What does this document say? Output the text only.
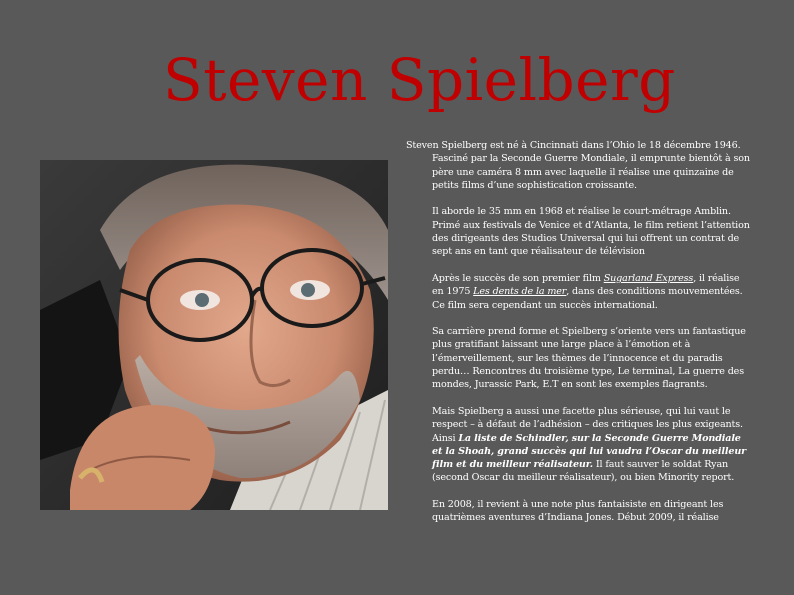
Steven Spielberg

Steven Spielberg est né à Cincinnati dans l’Ohio le 18 décembre 1946. Fasciné par la Seconde Guerre Mondiale, il emprunte bientôt à son père une caméra 8 mm avec laquelle il réalise une quinzaine de petits films d’une sophistication croissante.

Il aborde le 35 mm en 1968 et réalise le court-métrage Amblin. Primé aux festivals de Venice et d’Atlanta, le film retient l’attention des dirigeants des Studios Universal qui lui offrent un contrat de sept ans en tant que réalisateur de télévision

Après le succès de son premier film Sugarland Express, il réalise en 1975 Les dents de la mer, dans des conditions mouvementées. Ce film sera cependant un succès international.

Sa carrière prend forme et Spielberg s’oriente vers un fantastique plus gratifiant laissant une large place à l’émotion et à l’émerveillement, sur les thèmes de l’innocence et du paradis perdu… Rencontres du troisième type, Le terminal, La guerre des mondes, Jurassic Park, E.T en sont les exemples flagrants.

Mais Spielberg a aussi une facette plus sérieuse, qui lui vaut le respect – à défaut de l’adhésion – des critiques les plus exigeants. Ainsi La liste de Schindler, sur la Seconde Guerre Mondiale et la Shoah, grand succès qui lui vaudra l’Oscar du meilleur film et du meilleur réalisateur. Il faut sauver le soldat Ryan (second Oscar du meilleur réalisateur), ou bien Minority report.

En 2008, il revient à une note plus fantaisiste en dirigeant les quatrièmes aventures d’Indiana Jones. Début 2009, il réalise
